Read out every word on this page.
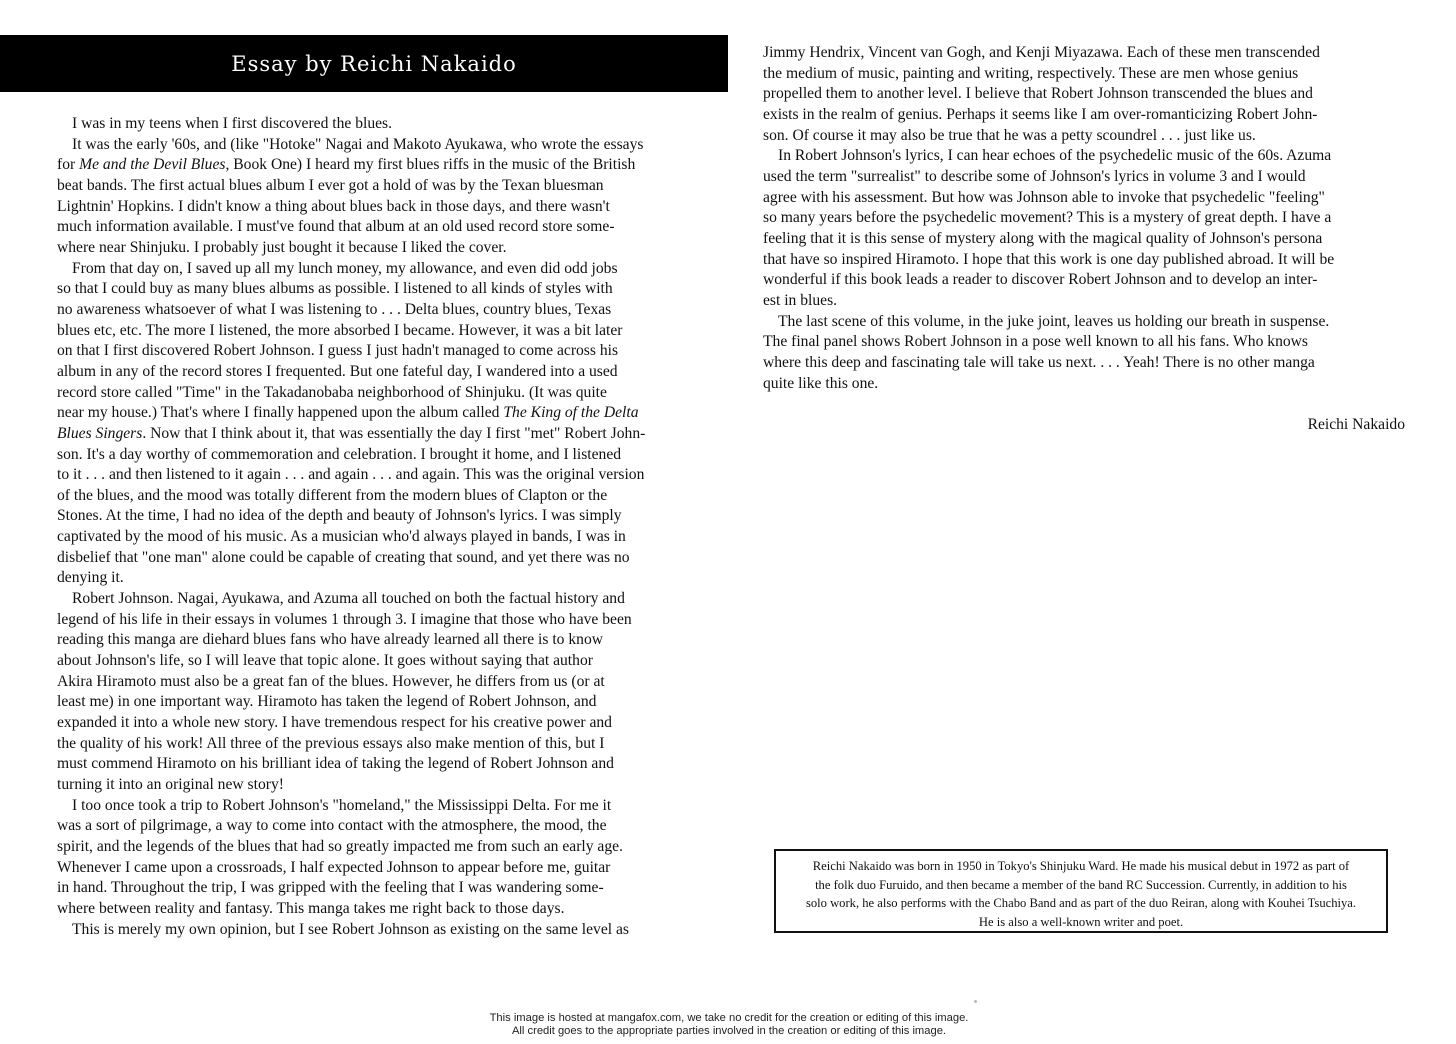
Essay by Reichi Nakaido
I was in my teens when I first discovered the blues.
It was the early '60s, and (like "Hotoke" Nagai and Makoto Ayukawa, who wrote the essays
for Me and the Devil Blues, Book One) I heard my first blues riffs in the music of the British
beat bands. The first actual blues album I ever got a hold of was by the Texan bluesman
Lightnin' Hopkins. I didn't know a thing about blues back in those days, and there wasn't
much information available. I must've found that album at an old used record store some-
where near Shinjuku. I probably just bought it because I liked the cover.
From that day on, I saved up all my lunch money, my allowance, and even did odd jobs
so that I could buy as many blues albums as possible. I listened to all kinds of styles with
no awareness whatsoever of what I was listening to . . . Delta blues, country blues, Texas
blues etc, etc. The more I listened, the more absorbed I became. However, it was a bit later
on that I first discovered Robert Johnson. I guess I just hadn't managed to come across his
album in any of the record stores I frequented. But one fateful day, I wandered into a used
record store called "Time" in the Takadanobaba neighborhood of Shinjuku. (It was quite
near my house.) That's where I finally happened upon the album called The King of the Delta
Blues Singers. Now that I think about it, that was essentially the day I first "met" Robert John-
son. It's a day worthy of commemoration and celebration. I brought it home, and I listened
to it . . . and then listened to it again . . . and again . . . and again. This was the original version
of the blues, and the mood was totally different from the modern blues of Clapton or the
Stones. At the time, I had no idea of the depth and beauty of Johnson's lyrics. I was simply
captivated by the mood of his music. As a musician who'd always played in bands, I was in
disbelief that "one man" alone could be capable of creating that sound, and yet there was no
denying it.
Robert Johnson. Nagai, Ayukawa, and Azuma all touched on both the factual history and
legend of his life in their essays in volumes 1 through 3. I imagine that those who have been
reading this manga are diehard blues fans who have already learned all there is to know
about Johnson's life, so I will leave that topic alone. It goes without saying that author
Akira Hiramoto must also be a great fan of the blues. However, he differs from us (or at
least me) in one important way. Hiramoto has taken the legend of Robert Johnson, and
expanded it into a whole new story. I have tremendous respect for his creative power and
the quality of his work! All three of the previous essays also make mention of this, but I
must commend Hiramoto on his brilliant idea of taking the legend of Robert Johnson and
turning it into an original new story!
I too once took a trip to Robert Johnson's "homeland," the Mississippi Delta. For me it
was a sort of pilgrimage, a way to come into contact with the atmosphere, the mood, the
spirit, and the legends of the blues that had so greatly impacted me from such an early age.
Whenever I came upon a crossroads, I half expected Johnson to appear before me, guitar
in hand. Throughout the trip, I was gripped with the feeling that I was wandering some-
where between reality and fantasy. This manga takes me right back to those days.
This is merely my own opinion, but I see Robert Johnson as existing on the same level as
Jimmy Hendrix, Vincent van Gogh, and Kenji Miyazawa. Each of these men transcended
the medium of music, painting and writing, respectively. These are men whose genius
propelled them to another level. I believe that Robert Johnson transcended the blues and
exists in the realm of genius. Perhaps it seems like I am over-romanticizing Robert John-
son. Of course it may also be true that he was a petty scoundrel . . . just like us.
In Robert Johnson's lyrics, I can hear echoes of the psychedelic music of the 60s. Azuma
used the term "surrealist" to describe some of Johnson's lyrics in volume 3 and I would
agree with his assessment. But how was Johnson able to invoke that psychedelic "feeling"
so many years before the psychedelic movement? This is a mystery of great depth. I have a
feeling that it is this sense of mystery along with the magical quality of Johnson's persona
that have so inspired Hiramoto. I hope that this work is one day published abroad. It will be
wonderful if this book leads a reader to discover Robert Johnson and to develop an inter-
est in blues.
The last scene of this volume, in the juke joint, leaves us holding our breath in suspense.
The final panel shows Robert Johnson in a pose well known to all his fans. Who knows
where this deep and fascinating tale will take us next. . . . Yeah! There is no other manga
quite like this one.
Reichi Nakaido
Reichi Nakaido was born in 1950 in Tokyo's Shinjuku Ward. He made his musical debut in 1972 as part of
the folk duo Furuido, and then became a member of the band RC Succession. Currently, in addition to his
solo work, he also performs with the Chabo Band and as part of the duo Reiran, along with Kouhei Tsuchiya.
He is also a well-known writer and poet.
This image is hosted at mangafox.com, we take no credit for the creation or editing of this image.
All credit goes to the appropriate parties involved in the creation or editing of this image.
